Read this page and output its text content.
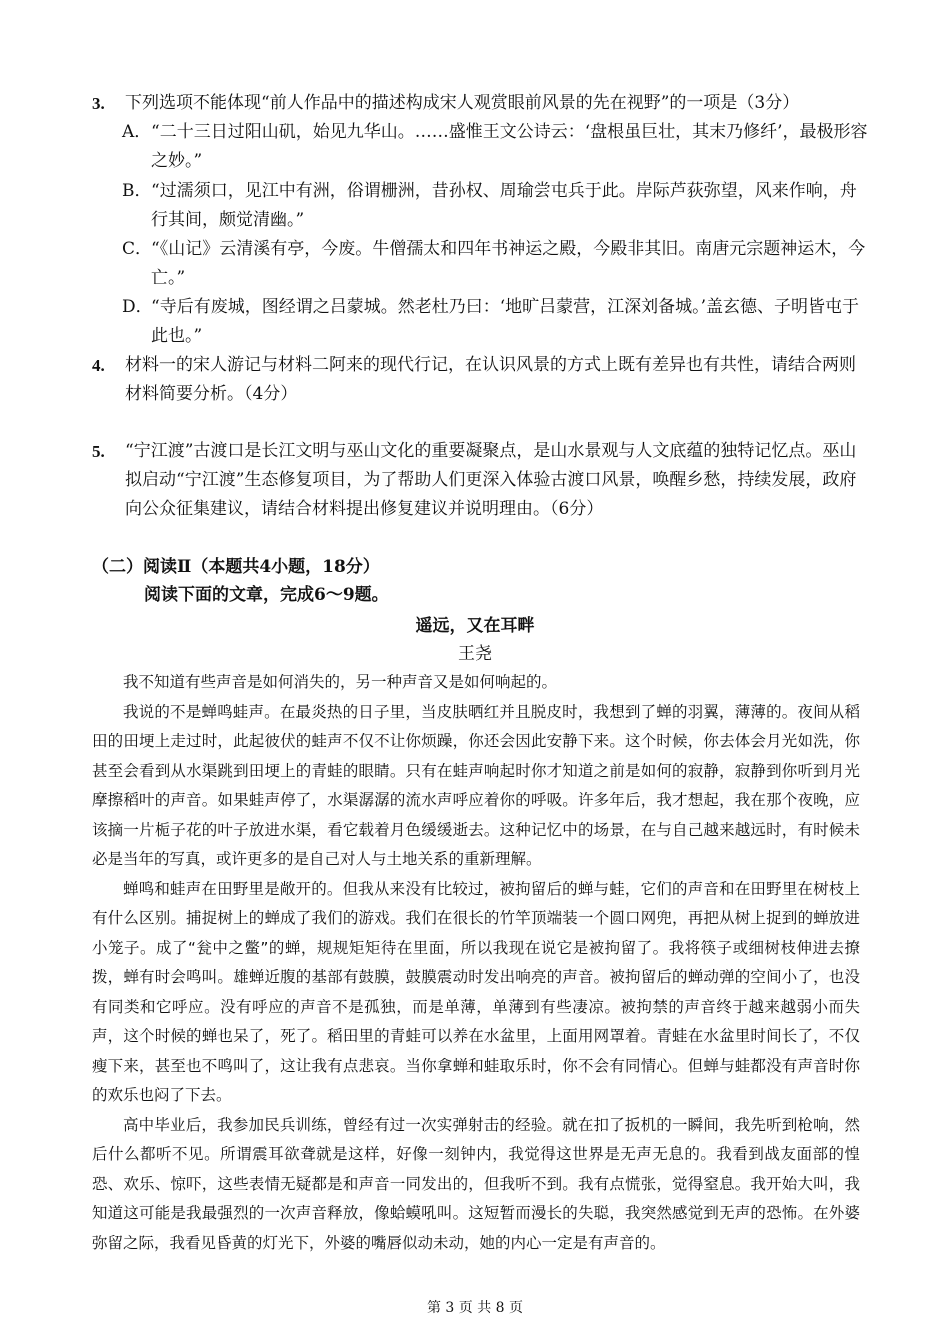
3. 下列选项不能体现“前人作品中的描述构成宋人观赏眼前风景的先在视野”的一项是（3分）
A． “二十三日过阳山矶，始见九华山。……盛惟王文公诗云：‘盘根虽巨壮，其末乃修纤’，最极形容之妙。”
B． “过濡须口，见江中有洲，俗谓栅洲，昔孙权、周瑜尝屯兵于此。岸际芦荻弥望，风来作响，舟行其间，颇觉清幽。”
C．
“《山记》云清溪有亭，今废。牛僧孺太和四年书神运之殿，今殿非其旧。南唐元宗题神运木，今亡。”
D．
“寺后有废城，图经谓之吕蒙城。然老杜乃曰：‘地旷吕蒙营，江深刘备城。’盖玄德、子明皆屯于此也。”
4. 材料一的宋人游记与材料二阿来的现代行记，在认识风景的方式上既有差异也有共性，请结合两则材料简要分析。（4分）
5. “宁江渡”古渡口是长江文明与巫山文化的重要凝聚点，是山水景观与人文底蕴的独特记忆点。巫山拟启动“宁江渡”生态修复项目，为了帮助人们更深入体验古渡口风景，唤醒乡愁，持续发展，政府向公众征集建议，请结合材料提出修复建议并说明理由。（6分）
（二）阅读Ⅱ（本题共4小题，18分）
阅读下面的文章，完成6～9题。
遥远，又在耳畔
王尧

我不知道有些声音是如何消失的，另一种声音又是如何响起的。

我说的不是蝉鸣蛙声。在最炎热的日子里，当皮肤晒红并且脱皮时，我想到了蝉的羽翼，薄薄的。夜间从稻田的田埂上走过时，此起彼伏的蛙声不仅不让你烦躁，你还会因此安静下来。这个时候，你去体会月光如洗，你甚至会看到从水渠跳到田埂上的青蛙的眼睛。只有在蛙声响起时你才知道之前是如何的寂静，寂静到你听到月光摩擦稻叶的声音。如果蛙声停了，水渠潺潺的流水声呼应着你的呼吸。许多年后，我才想起，我在那个夜晚，应该摘一片栀子花的叶子放进水渠，看它载着月色缓缓逝去。这种记忆中的场景，在与自己越来越远时，有时候未必是当年的写真，或许更多的是自己对人与土地关系的重新理解。

蝉鸣和蛙声在田野里是敞开的。但我从来没有比较过，被拘留后的蝉与蛙，它们的声音和在田野里在树枝上有什么区别。捕捉树上的蝉成了我们的游戏。我们在很长的竹竿顶端装一个圆口网兜，再把从树上捉到的蝉放进小笼子。成了“瓮中之鳖”的蝉，规规矩矩待在里面，所以我现在说它是被拘留了。我将筷子或细树枝伸进去撩拨，蝉有时会鸣叫。雄蝉近腹的基部有鼓膜，鼓膜震动时发出响亮的声音。被拘留后的蝉动弹的空间小了，也没有同类和它呼应。没有呼应的声音不是孤独，而是单薄，单薄到有些凄凉。被拘禁的声音终于越来越弱小而失声，这个时候的蝉也呆了，死了。稻田里的青蛙可以养在水盆里，上面用网罩着。青蛙在水盆里时间长了，不仅瘦下来，甚至也不鸣叫了，这让我有点悲哀。当你拿蝉和蛙取乐时，你不会有同情心。但蝉与蛙都没有声音时你的欢乐也闷了下去。

高中毕业后，我参加民兵训练，曾经有过一次实弹射击的经验。就在扣了扳机的一瞬间，我先听到枪响，然后什么都听不见。所谓震耳欲聋就是这样，好像一刻钟内，我觉得这世界是无声无息的。我看到战友面部的惶恐、欢乐、惊吓，这些表情无疑都是和声音一同发出的，但我听不到。我有点慌张，觉得窒息。我开始大叫，我知道这可能是我最强烈的一次声音释放，像蛤蟆吼叫。这短暂而漫长的失聪，我突然感觉到无声的恐怖。在外婆弥留之际，我看见昏黄的灯光下，外婆的嘴唇似动未动，她的内心一定是有声音的。

第 3 页 共 8 页
